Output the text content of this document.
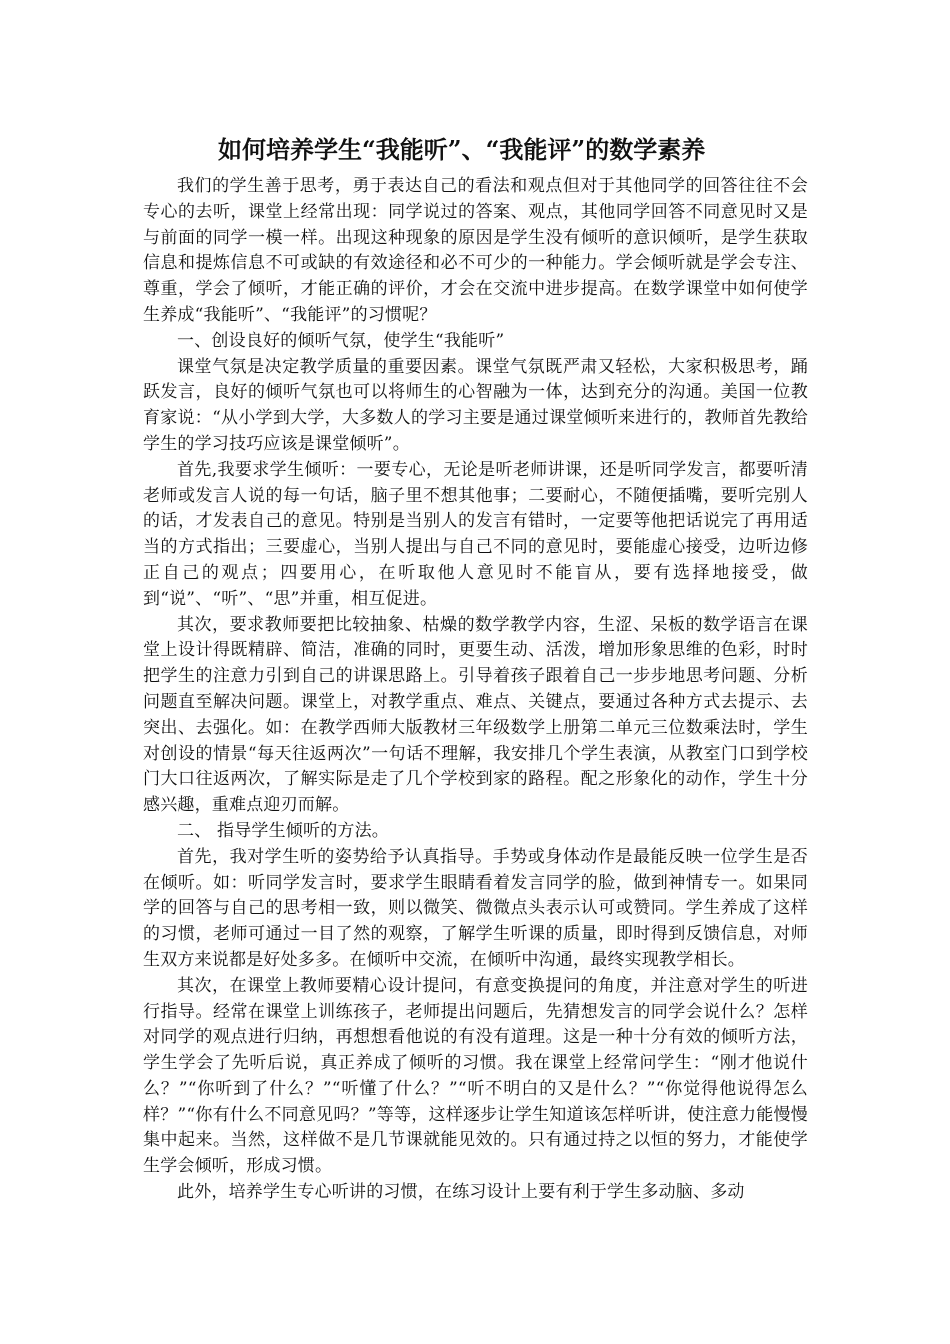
如何培养学生“我能听”、“我能评”的数学素养

我们的学生善于思考，勇于表达自己的看法和观点但对于其他同学的回答往往不会专心的去听，课堂上经常出现：同学说过的答案、观点，其他同学回答不同意见时又是与前面的同学一模一样。出现这种现象的原因是学生没有倾听的意识倾听，是学生获取信息和提炼信息不可或缺的有效途径和必不可少的一种能力。学会倾听就是学会专注、尊重，学会了倾听，才能正确的评价，才会在交流中进步提高。在数学课堂中如何使学生养成“我能听”、“我能评”的习惯呢？

一、创设良好的倾听气氛，使学生“我能听”

课堂气氛是决定教学质量的重要因素。课堂气氛既严肃又轻松，大家积极思考，踊跃发言，良好的倾听气氛也可以将师生的心智融为一体，达到充分的沟通。美国一位教育家说：“从小学到大学，大多数人的学习主要是通过课堂倾听来进行的，教师首先教给学生的学习技巧应该是课堂倾听”。

首先,我要求学生倾听：一要专心，无论是听老师讲课，还是听同学发言，都要听清老师或发言人说的每一句话，脑子里不想其他事；二要耐心，不随便插嘴，要听完别人的话，才发表自己的意见。特别是当别人的发言有错时，一定要等他把话说完了再用适当的方式指出；三要虚心，当别人提出与自己不同的意见时，要能虚心接受，边听边修正自己的观点；四要用心，在听取他人意见时不能盲从，要有选择地接受，做到“说”、“听”、“思”并重，相互促进。

其次，要求教师要把比较抽象、枯燥的数学教学内容，生涩、呆板的数学语言在课堂上设计得既精辟、简洁，准确的同时，更要生动、活泼，增加形象思维的色彩，时时把学生的注意力引到自己的讲课思路上。引导着孩子跟着自己一步步地思考问题、分析问题直至解决问题。课堂上，对教学重点、难点、关键点，要通过各种方式去提示、去突出、去强化。如：在教学西师大版教材三年级数学上册第二单元三位数乘法时，学生对创设的情景“每天往返两次”一句话不理解，我安排几个学生表演，从教室门口到学校门大口往返两次，了解实际是走了几个学校到家的路程。配之形象化的动作，学生十分感兴趣，重难点迎刃而解。

二、 指导学生倾听的方法。

首先，我对学生听的姿势给予认真指导。手势或身体动作是最能反映一位学生是否在倾听。如：听同学发言时，要求学生眼睛看着发言同学的脸，做到神情专一。如果同学的回答与自己的思考相一致，则以微笑、微微点头表示认可或赞同。学生养成了这样的习惯，老师可通过一目了然的观察，了解学生听课的质量，即时得到反馈信息，对师生双方来说都是好处多多。在倾听中交流，在倾听中沟通，最终实现教学相长。

其次，在课堂上教师要精心设计提问，有意变换提问的角度，并注意对学生的听进行指导。经常在课堂上训练孩子，老师提出问题后，先猜想发言的同学会说什么？怎样对同学的观点进行归纳，再想想看他说的有没有道理。这是一种十分有效的倾听方法，学生学会了先听后说，真正养成了倾听的习惯。我在课堂上经常问学生：“刚才他说什么？”“你听到了什么？”“听懂了什么？”“听不明白的又是什么？”“你觉得他说得怎么样？”“你有什么不同意见吗？”等等，这样逐步让学生知道该怎样听讲，使注意力能慢慢集中起来。当然，这样做不是几节课就能见效的。只有通过持之以恒的努力，才能使学生学会倾听，形成习惯。

此外，培养学生专心听讲的习惯，在练习设计上要有利于学生多动脑、多动
